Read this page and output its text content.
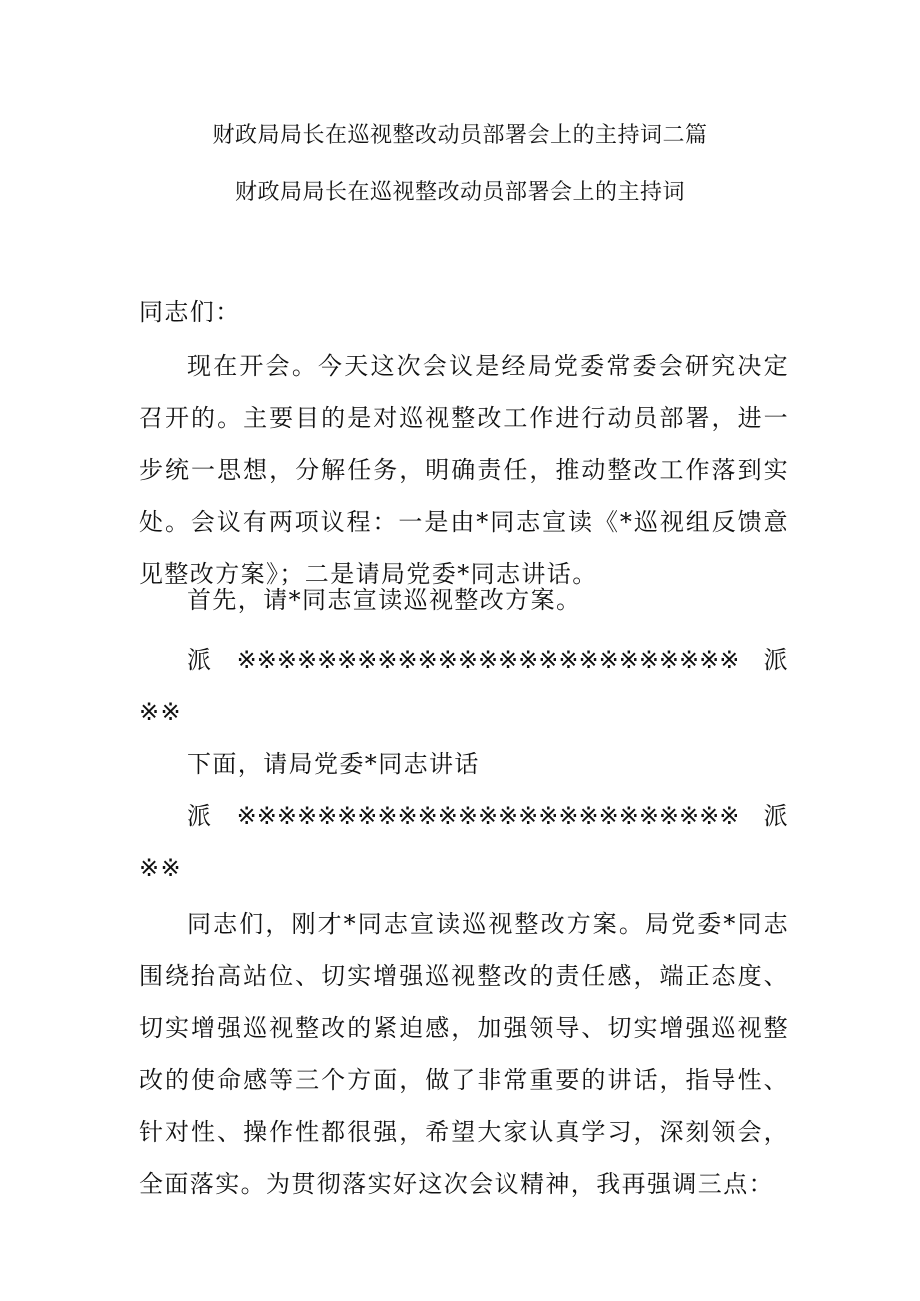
财政局局长在巡视整改动员部署会上的主持词二篇
财政局局长在巡视整改动员部署会上的主持词
同志们：
现在开会。今天这次会议是经局党委常委会研究决定召开的。主要目的是对巡视整改工作进行动员部署，进一步统一思想，分解任务，明确责任，推动整改工作落到实处。会议有两项议程：一是由*同志宣读《*巡视组反馈意见整改方案》；二是请局党委*同志讲话。
首先，请*同志宣读巡视整改方案。
派 ※※※※※※※※※※※※※※※※※※※※※※※※※ 派
※※
下面，请局党委*同志讲话
派 ※※※※※※※※※※※※※※※※※※※※※※※※※ 派
※※
同志们，刚才*同志宣读巡视整改方案。局党委*同志围绕抬高站位、切实增强巡视整改的责任感，端正态度、切实增强巡视整改的紧迫感，加强领导、切实增强巡视整改的使命感等三个方面，做了非常重要的讲话，指导性、针对性、操作性都很强，希望大家认真学习，深刻领会，全面落实。为贯彻落实好这次会议精神，我再强调三点：
